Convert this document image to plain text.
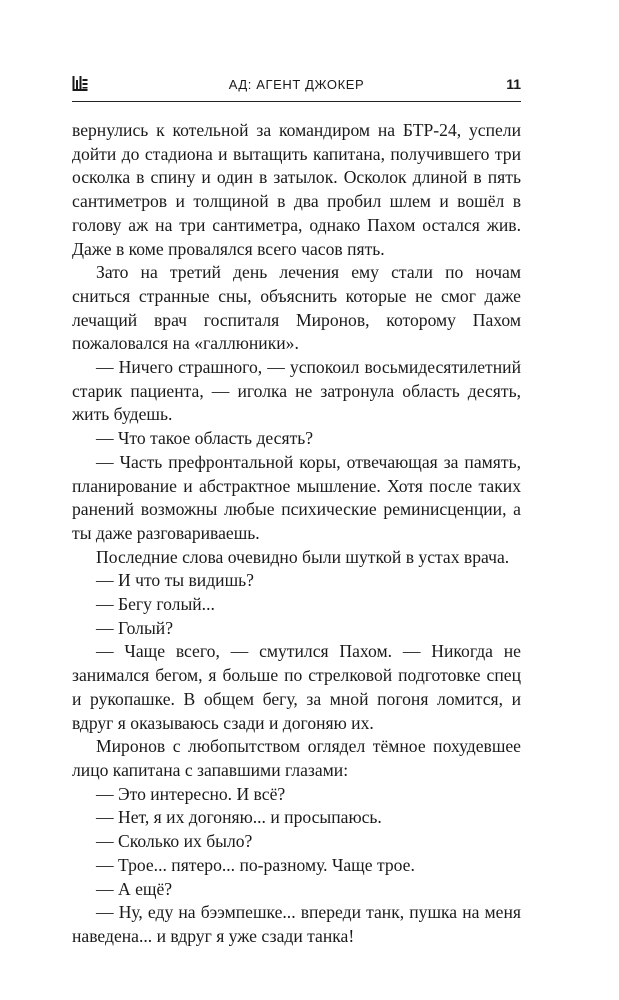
АД: АГЕНТ ДЖОКЕР	11

вернулись к котельной за командиром на БТР-24, успели дойти до стадиона и вытащить капитана, получившего три осколка в спину и один в затылок. Осколок длиной в пять сантиметров и толщиной в два пробил шлем и вошёл в голову аж на три сантиметра, однако Пахом остался жив. Даже в коме провалялся всего часов пять.

Зато на третий день лечения ему стали по ночам сниться странные сны, объяснить которые не смог даже лечащий врач госпиталя Миронов, которому Пахом пожаловался на «галлюники».

— Ничего страшного, — успокоил восьмидесятилетний старик пациента, — иголка не затронула область десять, жить будешь.

— Что такое область десять?

— Часть префронтальной коры, отвечающая за память, планирование и абстрактное мышление. Хотя после таких ранений возможны любые психические реминисценции, а ты даже разговариваешь.

Последние слова очевидно были шуткой в устах врача.

— И что ты видишь?

— Бегу голый...

— Голый?

— Чаще всего, — смутился Пахом. — Никогда не занимался бегом, я больше по стрелковой подготовке спец и рукопашке. В общем бегу, за мной погоня ломится, и вдруг я оказываюсь сзади и догоняю их.

Миронов с любопытством оглядел тёмное похудевшее лицо капитана с запавшими глазами:

— Это интересно. И всё?

— Нет, я их догоняю... и просыпаюсь.

— Сколько их было?

— Трое... пятеро... по-разному. Чаще трое.

— А ещё?

— Ну, еду на бээмпешке... впереди танк, пушка на меня наведена... и вдруг я уже сзади танка!
